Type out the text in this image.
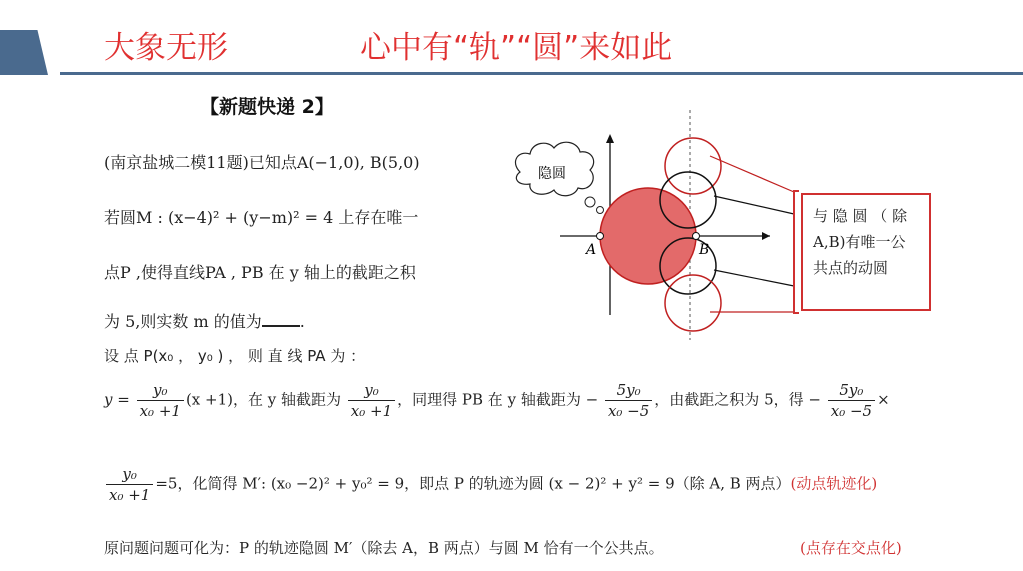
大象无形	心中有“轨”“圆”来如此
【新题快递 2】
(南京盐城二模11题)已知点A(−1,0), B(5,0)
若圆M : (x−4)² + (y−m)² = 4 上存在唯一
点P ,使得直线PA , PB 在 y 轴上的截距之积
为 5,则实数 m 的值为 .
A	B
隐圆
与 隐 圆 （ 除 A,B)有唯一公共点的动圆
设 点 P(x₀ ， y₀ ) ， 则 直 线 PA 为 ：
$y = \frac{\text{y₀}}{\text{x₀ +1}} (x +1)$，在 y 轴截距为 $\frac{\text{y₀}}{\text{x₀ +1}}$ ，同理得 PB 在 y 轴截距为 − $\frac{\text{5y₀}}{\text{x₀ −5}}$ ，由截距之积为 5，得 − $\frac{\text{5y₀}}{\text{x₀ −5}}$ ×
$\frac{\text{y₀}}{\text{x₀ +1}} =5$，化简得 M′: (x₀ −2)² + y₀² = 9，即点 P 的轨迹为圆 (x − 2)² + y² = 9（除 A, B 两点）(动点轨迹化)
原问题问题可化为：P 的轨迹隐圆 M′（除去 A，B 两点）与圆 M 恰有一个公共点。	(点存在交点化)
